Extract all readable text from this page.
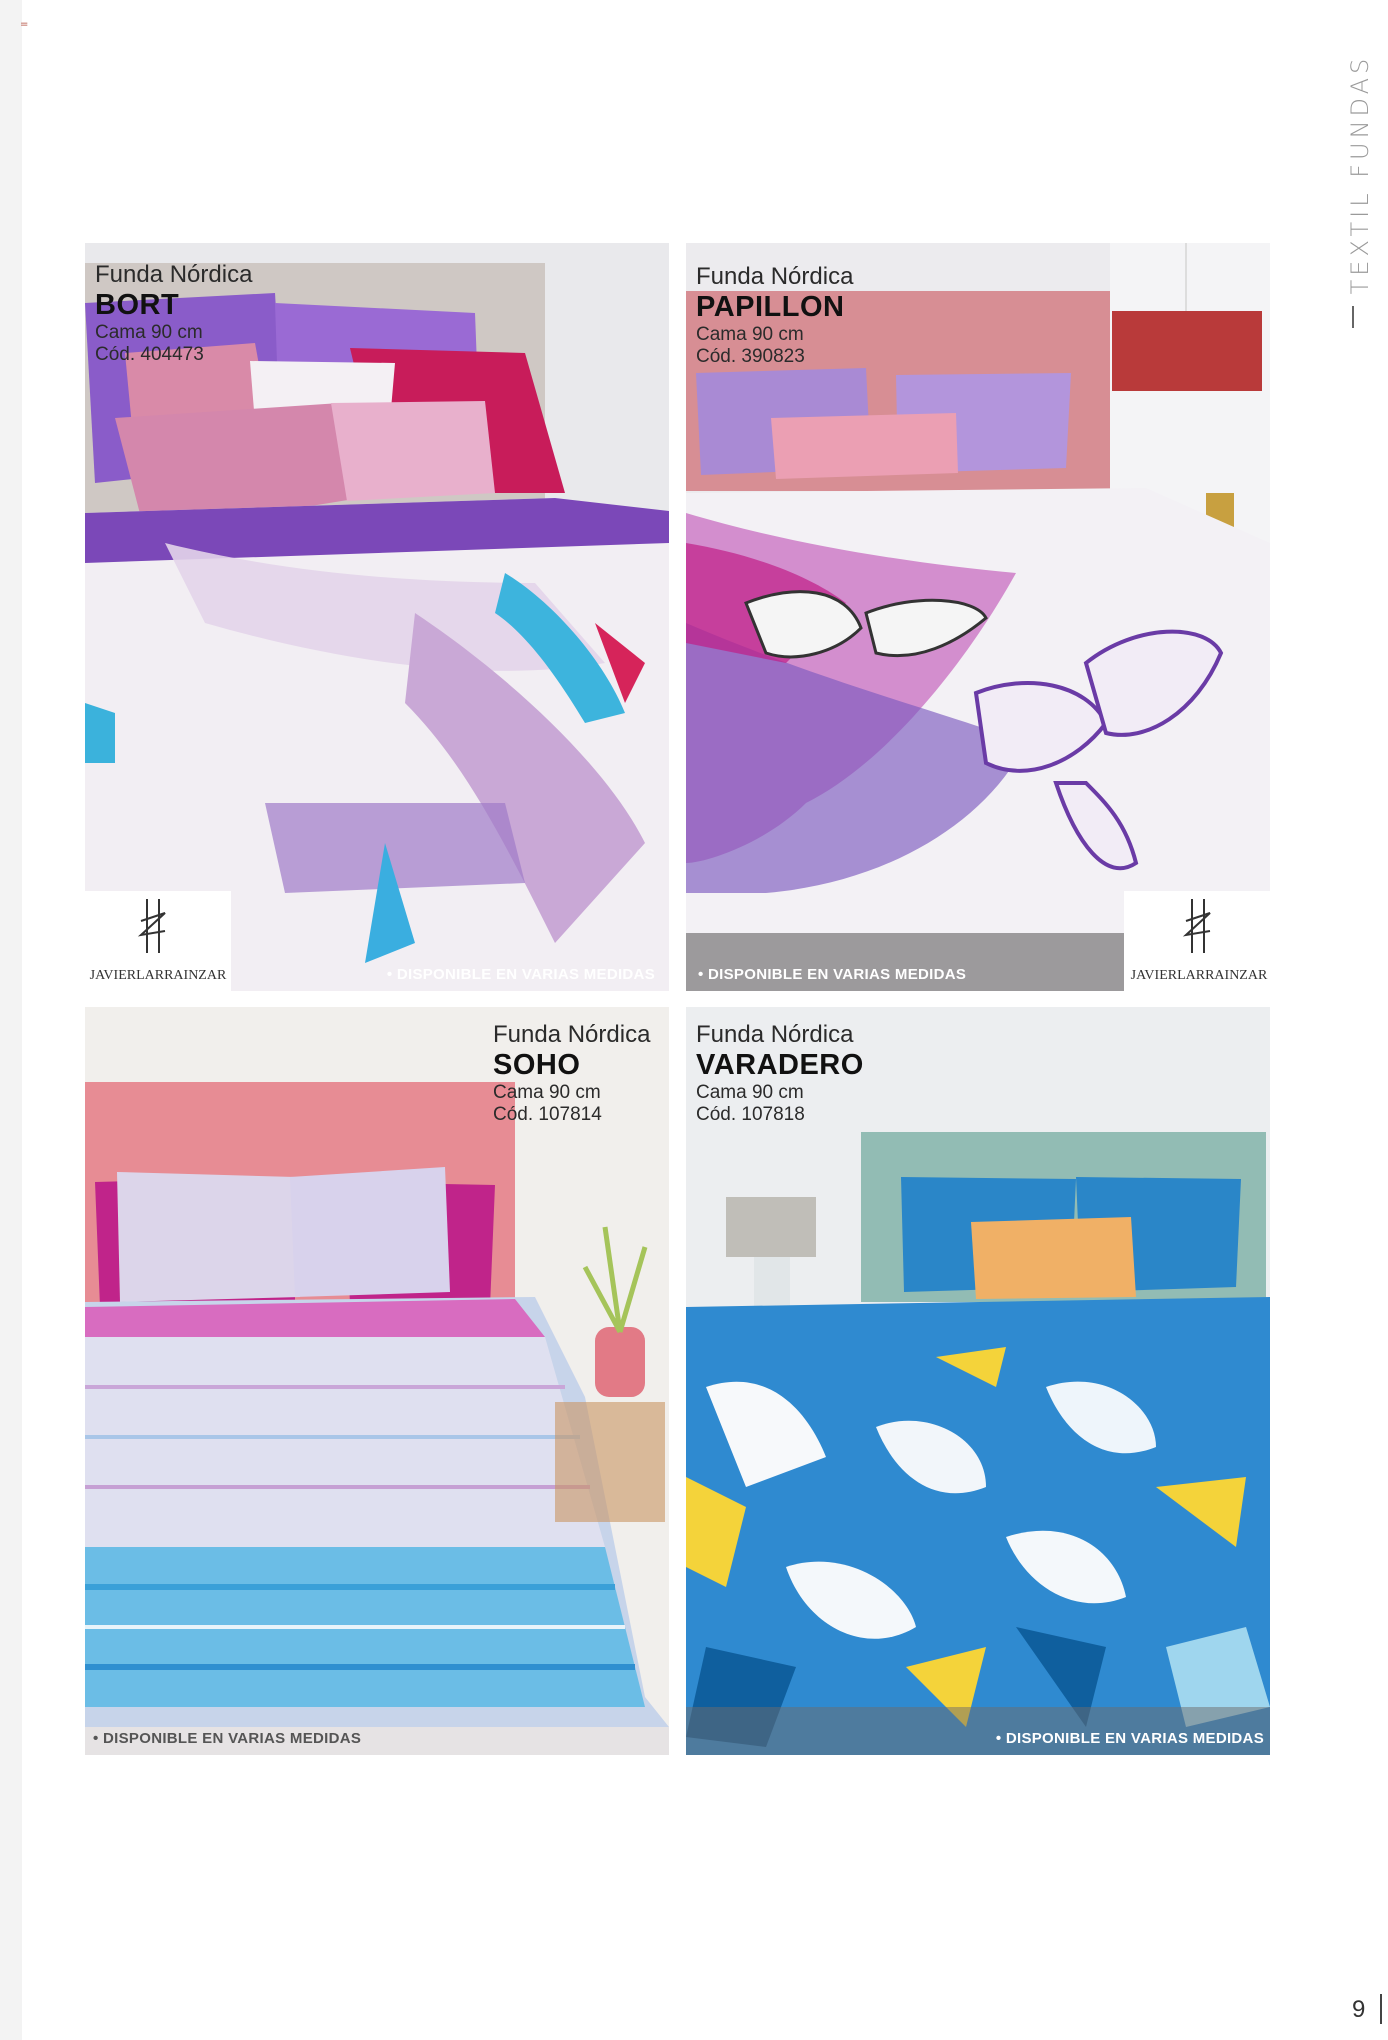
=
TEXTIL FUNDAS
Funda Nórdica
BORT
Cama 90 cm
Cód. 404473
JAVIERLARRAINZAR	• DISPONIBLE EN VARIAS MEDIDAS
Funda Nórdica
PAPILLON
Cama 90 cm
Cód. 390823
• DISPONIBLE EN VARIAS MEDIDAS	JAVIERLARRAINZAR
Funda Nórdica
SOHO
Cama 90 cm
Cód. 107814
• DISPONIBLE EN VARIAS MEDIDAS
Funda Nórdica
VARADERO
Cama 90 cm
Cód. 107818
• DISPONIBLE EN VARIAS MEDIDAS
9
